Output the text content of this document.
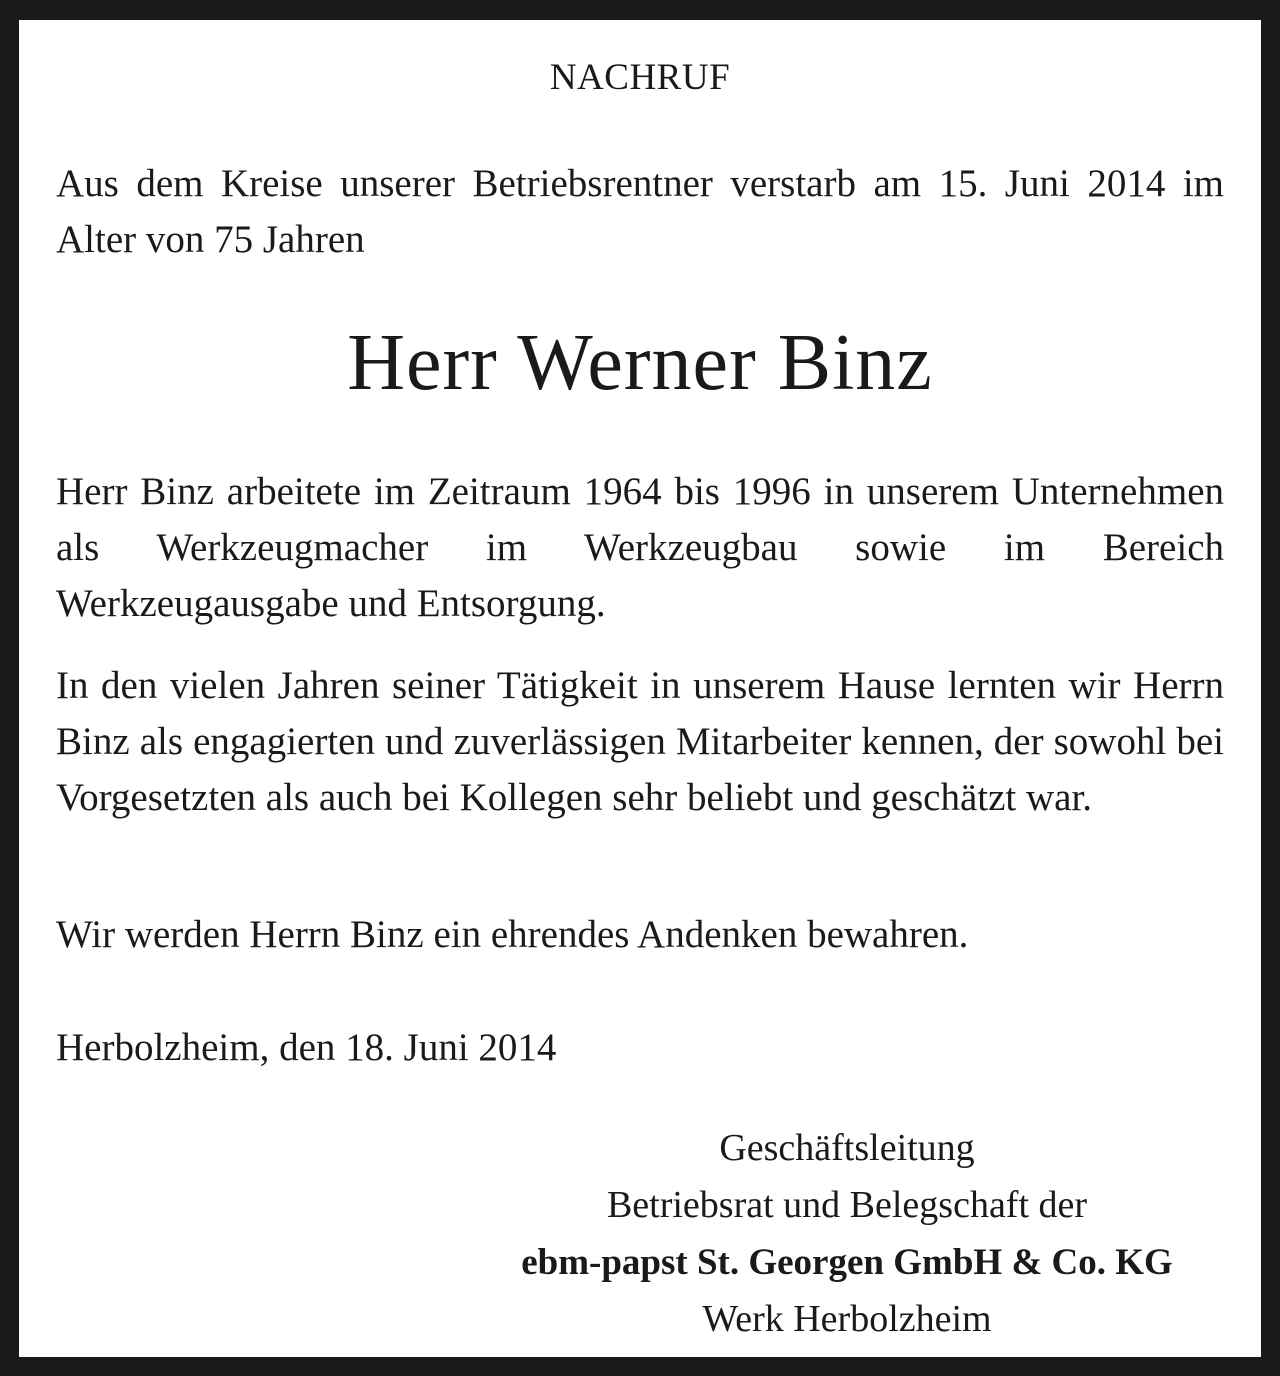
NACHRUF

Aus dem Kreise unserer Betriebsrentner verstarb am 15. Juni 2014 im Alter von 75 Jahren

Herr Werner Binz

Herr Binz arbeitete im Zeitraum 1964 bis 1996 in unserem Unternehmen als Werkzeugmacher im Werkzeugbau sowie im Bereich Werkzeugausgabe und Entsorgung.

In den vielen Jahren seiner Tätigkeit in unserem Hause lernten wir Herrn Binz als engagierten und zuverlässigen Mitarbeiter kennen, der sowohl bei Vorgesetzten als auch bei Kollegen sehr beliebt und geschätzt war.

Wir werden Herrn Binz ein ehrendes Andenken bewahren.

Herbolzheim, den 18. Juni 2014

Geschäftsleitung
Betriebsrat und Belegschaft der
ebm-papst St. Georgen GmbH & Co. KG
Werk Herbolzheim
